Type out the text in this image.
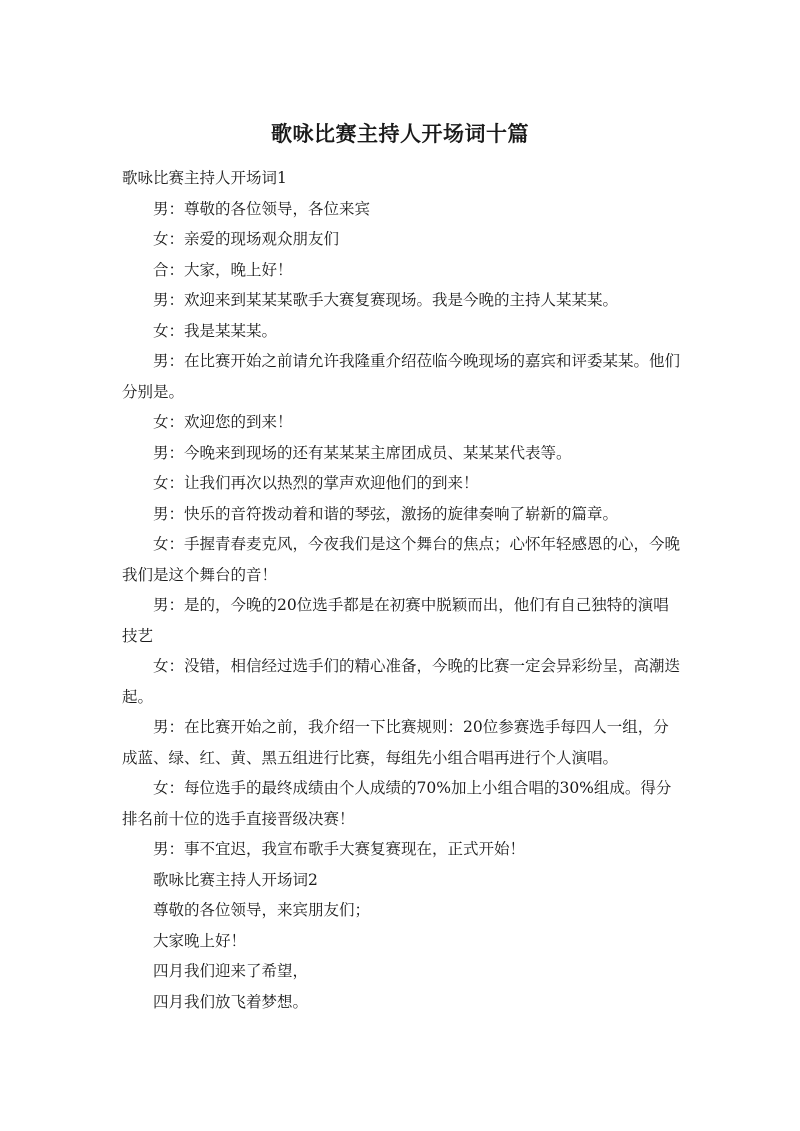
歌咏比赛主持人开场词十篇

歌咏比赛主持人开场词1

男：尊敬的各位领导，各位来宾

女：亲爱的现场观众朋友们

合：大家，晚上好！

男：欢迎来到某某某歌手大赛复赛现场。我是今晚的主持人某某某。

女：我是某某某。

男：在比赛开始之前请允许我隆重介绍莅临今晚现场的嘉宾和评委某某。他们分别是。

女：欢迎您的到来！

男：今晚来到现场的还有某某某主席团成员、某某某代表等。

女：让我们再次以热烈的掌声欢迎他们的到来！

男：快乐的音符拨动着和谐的琴弦，激扬的旋律奏响了崭新的篇章。

女：手握青春麦克风，今夜我们是这个舞台的焦点；心怀年轻感恩的心，今晚我们是这个舞台的音！

男：是的，今晚的20位选手都是在初赛中脱颖而出，他们有自己独特的演唱技艺

女：没错，相信经过选手们的精心准备，今晚的比赛一定会异彩纷呈，高潮迭起。

男：在比赛开始之前，我介绍一下比赛规则：20位参赛选手每四人一组，分成蓝、绿、红、黄、黑五组进行比赛，每组先小组合唱再进行个人演唱。

女：每位选手的最终成绩由个人成绩的70%加上小组合唱的30%组成。得分排名前十位的选手直接晋级决赛！

男：事不宜迟，我宣布歌手大赛复赛现在，正式开始！

歌咏比赛主持人开场词2

尊敬的各位领导，来宾朋友们；

大家晚上好！

四月我们迎来了希望，

四月我们放飞着梦想。
